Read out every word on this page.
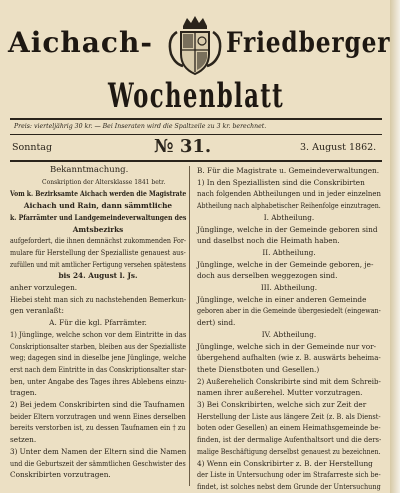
Aichach-	Friedberger
Wochenblatt
Preis: vierteljährig 30 kr. — Bei Inseraten wird die Spaltzeile zu 3 kr. berechnet.
Sonntag	№ 31.	3. August 1862.
Bekanntmachung.
Conskription der Altersklasse 1841 betr.
Vom k. Bezirksamte Aichach werden die Magistrate
Aichach und Rain, dann sämmtliche
k. Pfarrämter und Landgemeindeverwaltungen des
Amtsbezirks
aufgefordert, die ihnen demnächst zukommenden For-
mulare für Herstellung der Spezialliste genauest aus-
zufüllen und mit amtlicher Fertigung versehen spätestens
bis 24. August l. Js.
anher vorzulegen.
Hiebei steht man sich zu nachstehenden Bemerkun-
gen veranlaßt:
A. Für die kgl. Pfarrämter.
1) Jünglinge, welche schon vor dem Eintritte in das
Conskriptionsalter starben, bleiben aus der Spezialliste
weg; dagegen sind in dieselbe jene Jünglinge, welche
erst nach dem Eintritte in das Conskriptionsalter star-
ben, unter Angabe des Tages ihres Ablebens einzu-
tragen.
2) Bei jedem Conskribirten sind die Taufnamen
beider Eltern vorzutragen und wenn Eines derselben
bereits verstorben ist, zu dessen Taufnamen ein † zu
setzen.
3) Unter dem Namen der Eltern sind die Namen
und die Geburtszeit der sämmtlichen Geschwister des
Conskribirten vorzutragen.
B. Für die Magistrate u. Gemeindeverwaltungen.
1) In den Speziallisten sind die Conskribirten
nach folgenden Abtheilungen und in jeder einzelnen
Abtheilung nach alphabetischer Reihenfolge einzutragen.
I. Abtheilung.
Jünglinge, welche in der Gemeinde geboren sind
und daselbst noch die Heimath haben.
II. Abtheilung.
Jünglinge, welche in der Gemeinde geboren, je-
doch aus derselben weggezogen sind.
III. Abtheilung.
Jünglinge, welche in einer anderen Gemeinde
geboren aber in die Gemeinde übergesiedelt (eingewan-
dert) sind.
IV. Abtheilung.
Jünglinge, welche sich in der Gemeinde nur vor-
übergehend aufhalten (wie z. B. auswärts beheima-
thete Dienstboten und Gesellen.)
2) Außerehelich Conskribirte sind mit dem Schreib-
namen ihrer außerehel. Mutter vorzutragen.
3) Bei Conskribirten, welche sich zur Zeit der
Herstellung der Liste aus längere Zeit (z. B. als Dienst-
boten oder Gesellen) an einem Heimathsgemeinde be-
finden, ist der dermalige Aufenthaltsort und die ders-
malige Beschäftigung derselbst genauest zu bezeichnen.
4) Wenn ein Conskribirter z. B. der Herstellung
der Liste in Untersuchung oder im Strafarreste sich be-
findet, ist solches nebst dem Grunde der Untersuchung
